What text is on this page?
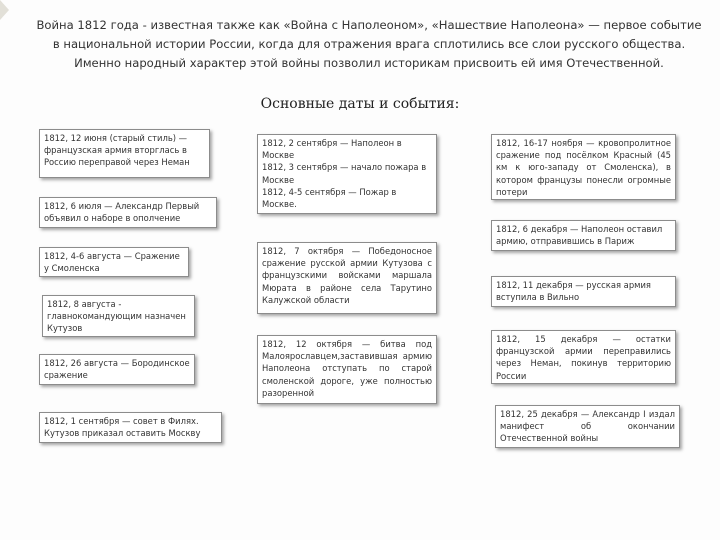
Война 1812 года - известная также как «Война с Наполеоном», «Нашествие Наполеона» — первое событие в национальной истории России, когда для отражения врага сплотились все слои русского общества. Именно народный характер этой войны позволил историкам присвоить ей имя Отечественной.
Основные даты и события:
1812, 12 июня (старый стиль) — французская армия вторглась в Россию переправой через Неман
1812, 6 июля — Александр Первый объявил о наборе в ополчение
1812, 4-6 августа — Сражение у Смоленска
1812, 8 августа - главнокомандующим назначен Кутузов
1812, 26 августа — Бородинское сражение
1812, 1 сентября — совет в Филях. Кутузов приказал оставить Москву
1812, 2 сентября — Наполеон в Москве
1812, 3 сентября — начало пожара в Москве
1812, 4-5 сентября — Пожар в Москве.
1812, 7 октября — Победоносное сражение русской армии Кутузова с французскими войсками маршала Мюрата в районе села Тарутино Калужской области
1812, 12 октября — битва под Малоярославцем,заставившая армию Наполеона отступать по старой смоленской дороге, уже полностью разоренной
1812, 16-17 ноября — кровопролитное сражение под посёлком Красный (45 км к юго-западу от Смоленска), в котором французы понесли огромные потери
1812, 6 декабря — Наполеон оставил армию, отправившись в Париж
1812, 11 декабря — русская армия вступила в Вильно
1812, 15 декабря — остатки французской армии переправились через Неман, покинув территорию России
1812, 25 декабря — Александр I издал манифест об окончании Отечественной войны
